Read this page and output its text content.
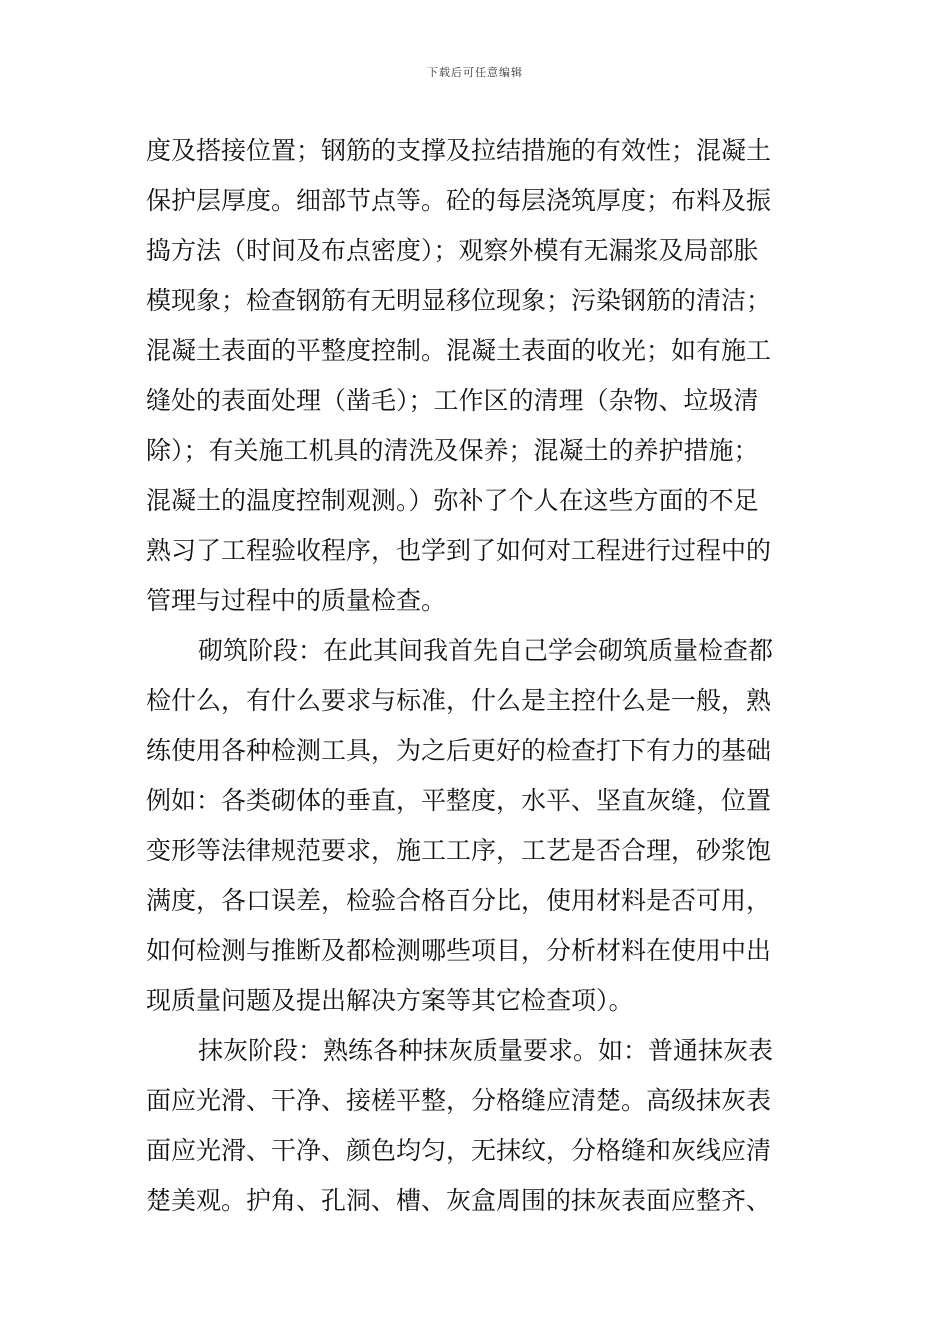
下载后可任意编辑
度及搭接位置；钢筋的支撑及拉结措施的有效性；混凝土
保护层厚度。细部节点等。砼的每层浇筑厚度；布料及振
捣方法（时间及布点密度）；观察外模有无漏浆及局部胀
模现象；检查钢筋有无明显移位现象；污染钢筋的清洁；
混凝土表面的平整度控制。混凝土表面的收光；如有施工
缝处的表面处理（凿毛）；工作区的清理（杂物、垃圾清
除）；有关施工机具的清洗及保养；混凝土的养护措施；
混凝土的温度控制观测。）弥补了个人在这些方面的不足
熟习了工程验收程序，也学到了如何对工程进行过程中的
管理与过程中的质量检查。
砌筑阶段：在此其间我首先自己学会砌筑质量检查都
检什么，有什么要求与标准，什么是主控什么是一般，熟
练使用各种检测工具，为之后更好的检查打下有力的基础
例如：各类砌体的垂直，平整度，水平、坚直灰缝，位置
变形等法律规范要求，施工工序，工艺是否合理，砂浆饱
满度，各口误差，检验合格百分比，使用材料是否可用，
如何检测与推断及都检测哪些项目，分析材料在使用中出
现质量问题及提出解决方案等其它检查项）。
抹灰阶段：熟练各种抹灰质量要求。如：普通抹灰表
面应光滑、干净、接槎平整，分格缝应清楚。高级抹灰表
面应光滑、干净、颜色均匀，无抹纹，分格缝和灰线应清
楚美观。护角、孔洞、槽、灰盒周围的抹灰表面应整齐、
